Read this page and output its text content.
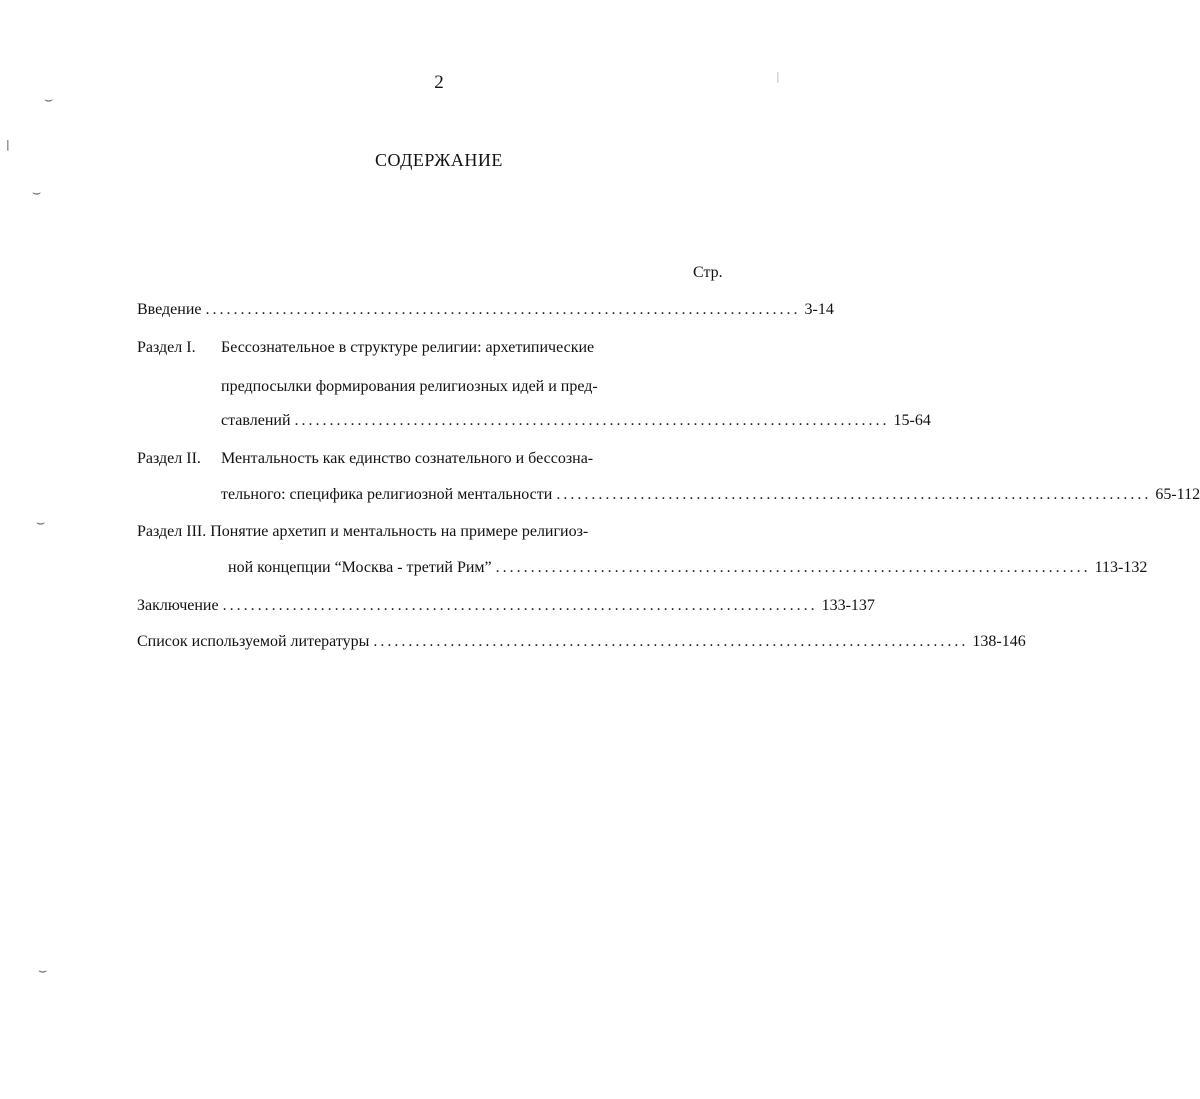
2
СОДЕРЖАНИЕ
Стр.
Введение ..................................................................................... 3-14
Раздел I. Бессознательное в структуре религии: архетипические
предпосылки формирования религиозных идей и пред-
ставлений ..................................................................................... 15-64
Раздел II. Ментальность как единство сознательного и бессозна-
тельного: специфика религиозной ментальности ..................................................................................... 65-112
Раздел III. Понятие архетип и ментальность на примере религиоз-
ной концепции “Москва - третий Рим” ..................................................................................... 113-132
Заключение ..................................................................................... 133-137
Список используемой литературы ..................................................................................... 138-146
⌣
⌣
⌣
⌣
|
|
